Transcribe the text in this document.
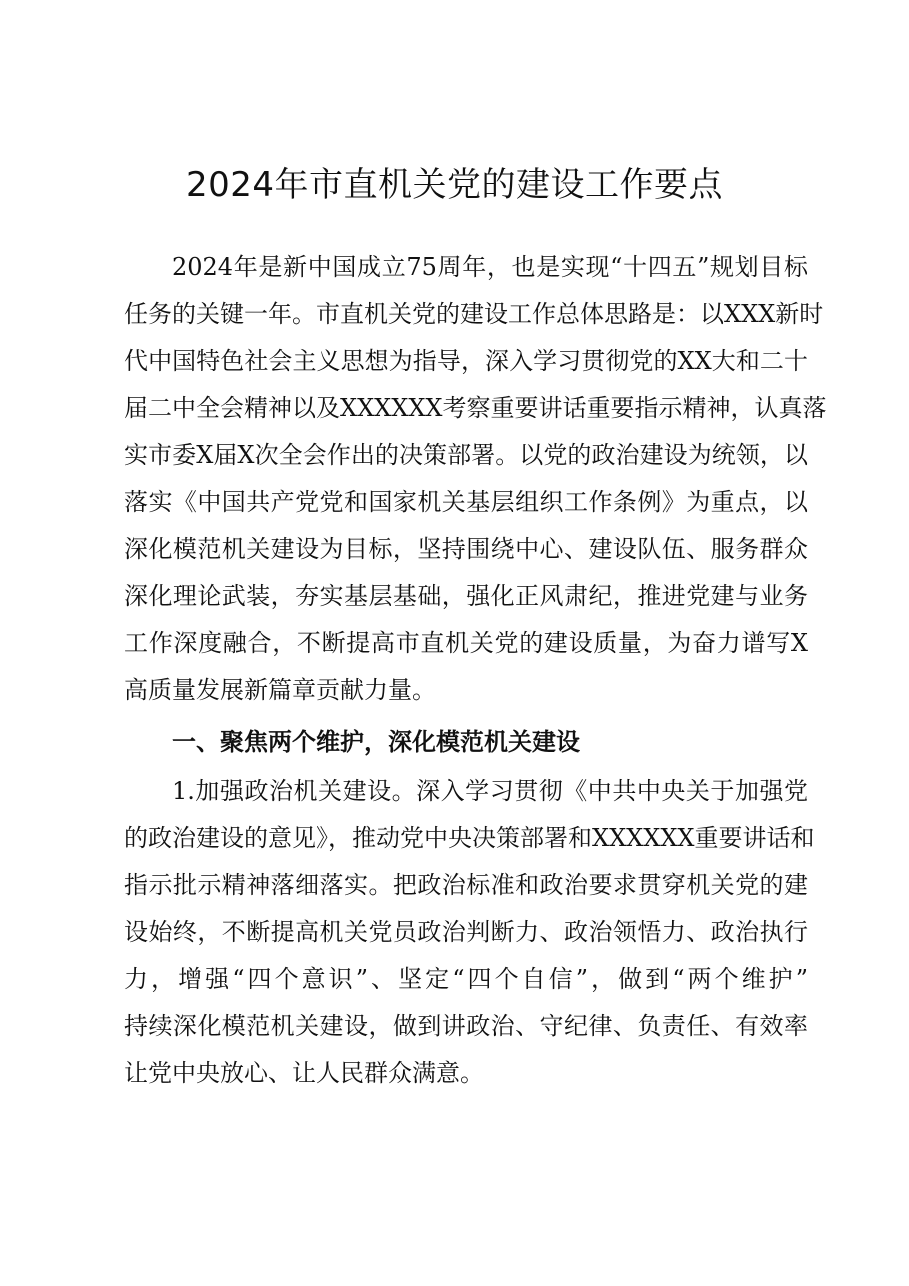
2024年市直机关党的建设工作要点
2024年是新中国成立75周年，也是实现“十四五”规划目标
任务的关键一年。市直机关党的建设工作总体思路是：以XXX新时
代中国特色社会主义思想为指导，深入学习贯彻党的XX大和二十
届二中全会精神以及XXXXXX考察重要讲话重要指示精神，认真落
实市委X届X次全会作出的决策部署。以党的政治建设为统领，以
落实《中国共产党党和国家机关基层组织工作条例》为重点，以
深化模范机关建设为目标，坚持围绕中心、建设队伍、服务群众
深化理论武装，夯实基层基础，强化正风肃纪，推进党建与业务
工作深度融合，不断提高市直机关党的建设质量，为奋力谱写X
高质量发展新篇章贡献力量。
一、聚焦两个维护，深化模范机关建设
1.加强政治机关建设。深入学习贯彻《中共中央关于加强党
的政治建设的意见》，推动党中央决策部署和XXXXXX重要讲话和
指示批示精神落细落实。把政治标准和政治要求贯穿机关党的建
设始终，不断提高机关党员政治判断力、政治领悟力、政治执行
力，增强“四个意识”、坚定“四个自信”，做到“两个维护”
持续深化模范机关建设，做到讲政治、守纪律、负责任、有效率
让党中央放心、让人民群众满意。
